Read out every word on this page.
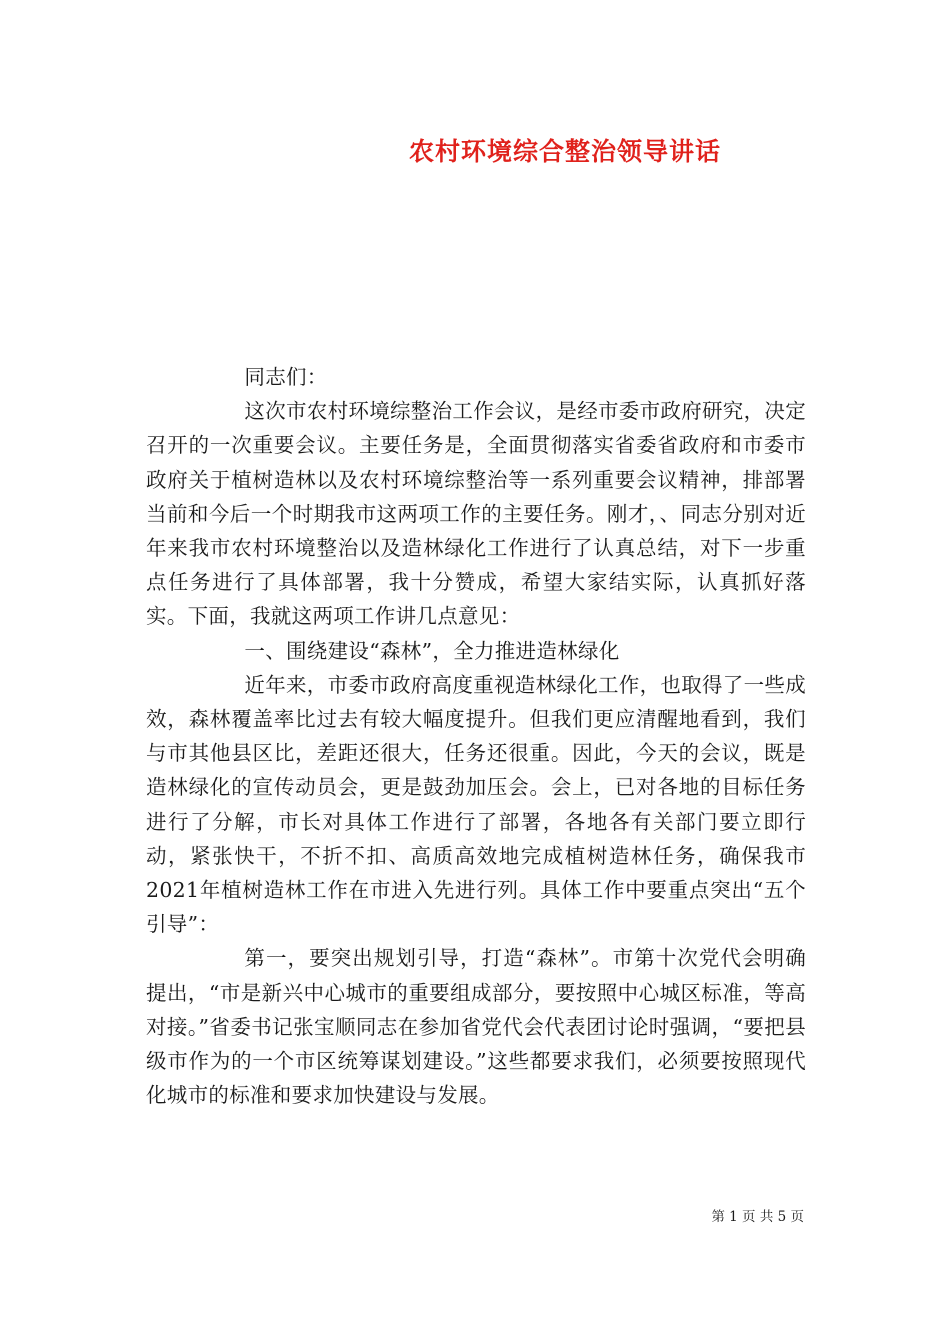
农村环境综合整治领导讲话

同志们：

这次市农村环境综整治工作会议，是经市委市政府研究，决定召开的一次重要会议。主要任务是，全面贯彻落实省委省政府和市委市政府关于植树造林以及农村环境综整治等一系列重要会议精神，排部署当前和今后一个时期我市这两项工作的主要任务。刚才，、同志分别对近年来我市农村环境整治以及造林绿化工作进行了认真总结，对下一步重点任务进行了具体部署，我十分赞成，希望大家结实际，认真抓好落实。下面，我就这两项工作讲几点意见：

一、围绕建设“森林”，全力推进造林绿化

近年来，市委市政府高度重视造林绿化工作，也取得了一些成效，森林覆盖率比过去有较大幅度提升。但我们更应清醒地看到，我们与市其他县区比，差距还很大，任务还很重。因此，今天的会议，既是造林绿化的宣传动员会，更是鼓劲加压会。会上，已对各地的目标任务进行了分解，市长对具体工作进行了部署，各地各有关部门要立即行动，紧张快干，不折不扣、高质高效地完成植树造林任务，确保我市2021年植树造林工作在市进入先进行列。具体工作中要重点突出“五个引导”：

第一，要突出规划引导，打造“森林”。市第十次党代会明确提出，“市是新兴中心城市的重要组成部分，要按照中心城区标准，等高对接。”省委书记张宝顺同志在参加省党代会代表团讨论时强调，“要把县级市作为的一个市区统筹谋划建设。”这些都要求我们，必须要按照现代化城市的标准和要求加快建设与发展。

第 1 页 共 5 页
